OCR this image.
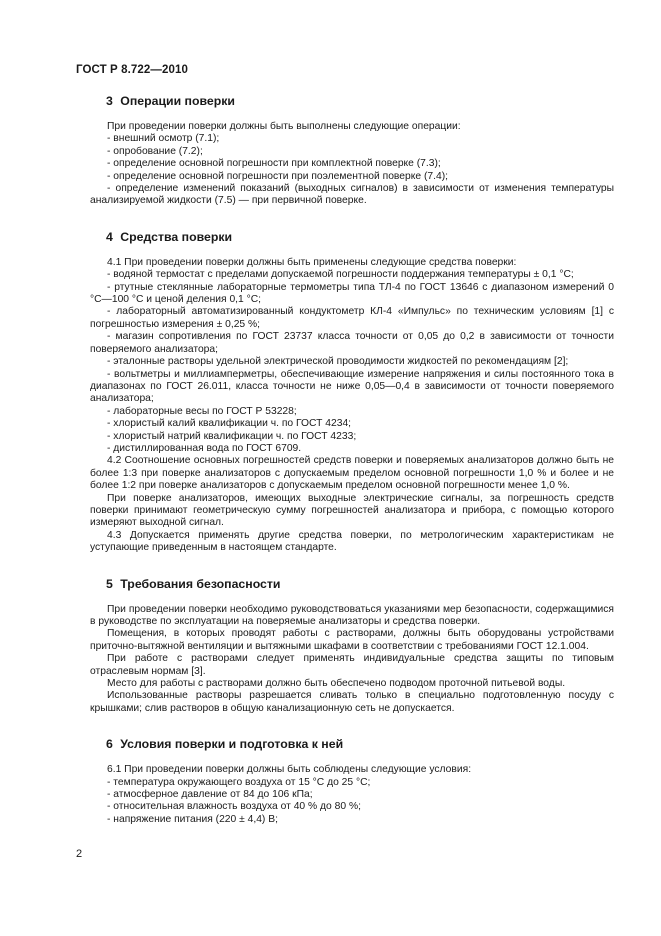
ГОСТ Р 8.722—2010
3 Операции поверки
При проведении поверки должны быть выполнены следующие операции:
- внешний осмотр (7.1);
- опробование (7.2);
- определение основной погрешности при комплектной поверке (7.3);
- определение основной погрешности при поэлементной поверке (7.4);
- определение изменений показаний (выходных сигналов) в зависимости от изменения температуры анализируемой жидкости (7.5) — при первичной поверке.
4 Средства поверки
4.1 При проведении поверки должны быть применены следующие средства поверки:
- водяной термостат с пределами допускаемой погрешности поддержания температуры ± 0,1 °С;
- ртутные стеклянные лабораторные термометры типа ТЛ-4 по ГОСТ 13646 с диапазоном измерений 0 °С—100 °С и ценой деления 0,1 °С;
- лабораторный автоматизированный кондуктометр КЛ-4 «Импульс» по техническим условиям [1] с погрешностью измерения ± 0,25 %;
- магазин сопротивления по ГОСТ 23737 класса точности от 0,05 до 0,2 в зависимости от точности поверяемого анализатора;
- эталонные растворы удельной электрической проводимости жидкостей по рекомендациям [2];
- вольтметры и миллиамперметры, обеспечивающие измерение напряжения и силы постоянного тока в диапазонах по ГОСТ 26.011, класса точности не ниже 0,05—0,4 в зависимости от точности поверяемого анализатора;
- лабораторные весы по ГОСТ Р 53228;
- хлористый калий квалификации ч. по ГОСТ 4234;
- хлористый натрий квалификации ч. по ГОСТ 4233;
- дистиллированная вода по ГОСТ 6709.
4.2 Соотношение основных погрешностей средств поверки и поверяемых анализаторов должно быть не более 1:3 при поверке анализаторов с допускаемым пределом основной погрешности 1,0 % и более и не более 1:2 при поверке анализаторов с допускаемым пределом основной погрешности менее 1,0 %.
При поверке анализаторов, имеющих выходные электрические сигналы, за погрешность средств поверки принимают геометрическую сумму погрешностей анализатора и прибора, с помощью которого измеряют выходной сигнал.
4.3 Допускается применять другие средства поверки, по метрологическим характеристикам не уступающие приведенным в настоящем стандарте.
5 Требования безопасности
При проведении поверки необходимо руководствоваться указаниями мер безопасности, содержащимися в руководстве по эксплуатации на поверяемые анализаторы и средства поверки.
Помещения, в которых проводят работы с растворами, должны быть оборудованы устройствами приточно-вытяжной вентиляции и вытяжными шкафами в соответствии с требованиями ГОСТ 12.1.004.
При работе с растворами следует применять индивидуальные средства защиты по типовым отраслевым нормам [3].
Место для работы с растворами должно быть обеспечено подводом проточной питьевой воды.
Использованные растворы разрешается сливать только в специально подготовленную посуду с крышками; слив растворов в общую канализационную сеть не допускается.
6 Условия поверки и подготовка к ней
6.1 При проведении поверки должны быть соблюдены следующие условия:
- температура окружающего воздуха от 15 °С до 25 °С;
- атмосферное давление от 84 до 106 кПа;
- относительная влажность воздуха от 40 % до 80 %;
- напряжение питания (220 ± 4,4) В;
2
